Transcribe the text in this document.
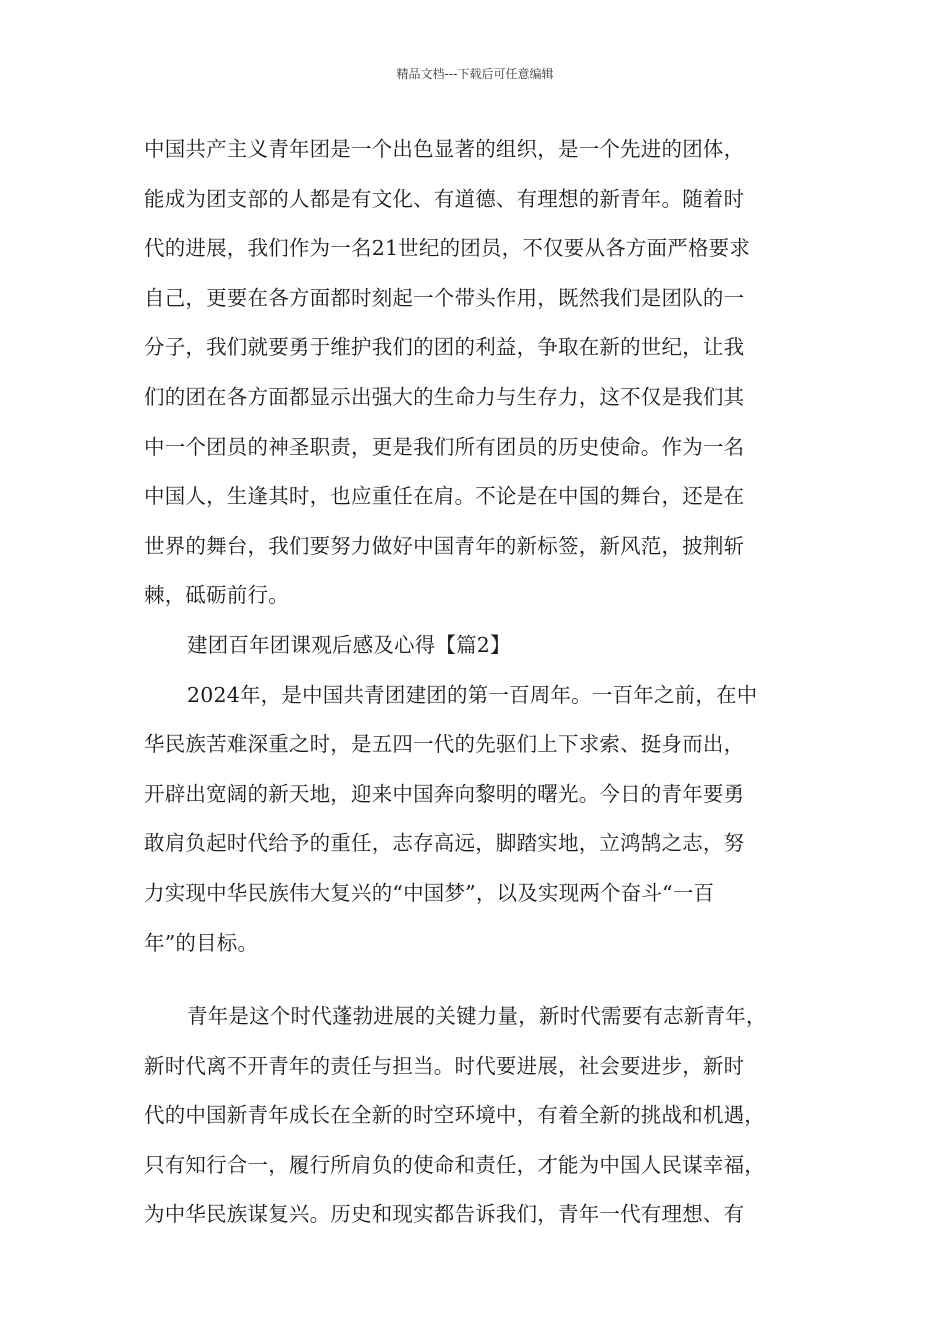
精品文档---下载后可任意编辑
中国共产主义青年团是一个出色显著的组织，是一个先进的团体，
能成为团支部的人都是有文化、有道德、有理想的新青年。随着时
代的进展，我们作为一名21世纪的团员，不仅要从各方面严格要求
自己，更要在各方面都时刻起一个带头作用，既然我们是团队的一
分子，我们就要勇于维护我们的团的利益，争取在新的世纪，让我
们的团在各方面都显示出强大的生命力与生存力，这不仅是我们其
中一个团员的神圣职责，更是我们所有团员的历史使命。作为一名
中国人，生逢其时，也应重任在肩。不论是在中国的舞台，还是在
世界的舞台，我们要努力做好中国青年的新标签，新风范，披荆斩
棘，砥砺前行。
建团百年团课观后感及心得【篇2】
2024年，是中国共青团建团的第一百周年。一百年之前，在中
华民族苦难深重之时，是五四一代的先驱们上下求索、挺身而出，
开辟出宽阔的新天地，迎来中国奔向黎明的曙光。今日的青年要勇
敢肩负起时代给予的重任，志存高远，脚踏实地，立鸿鹄之志，努
力实现中华民族伟大复兴的“中国梦”，以及实现两个奋斗“一百
年”的目标。
青年是这个时代蓬勃进展的关键力量，新时代需要有志新青年，
新时代离不开青年的责任与担当。时代要进展，社会要进步，新时
代的中国新青年成长在全新的时空环境中，有着全新的挑战和机遇，
只有知行合一，履行所肩负的使命和责任，才能为中国人民谋幸福，
为中华民族谋复兴。历史和现实都告诉我们，青年一代有理想、有
